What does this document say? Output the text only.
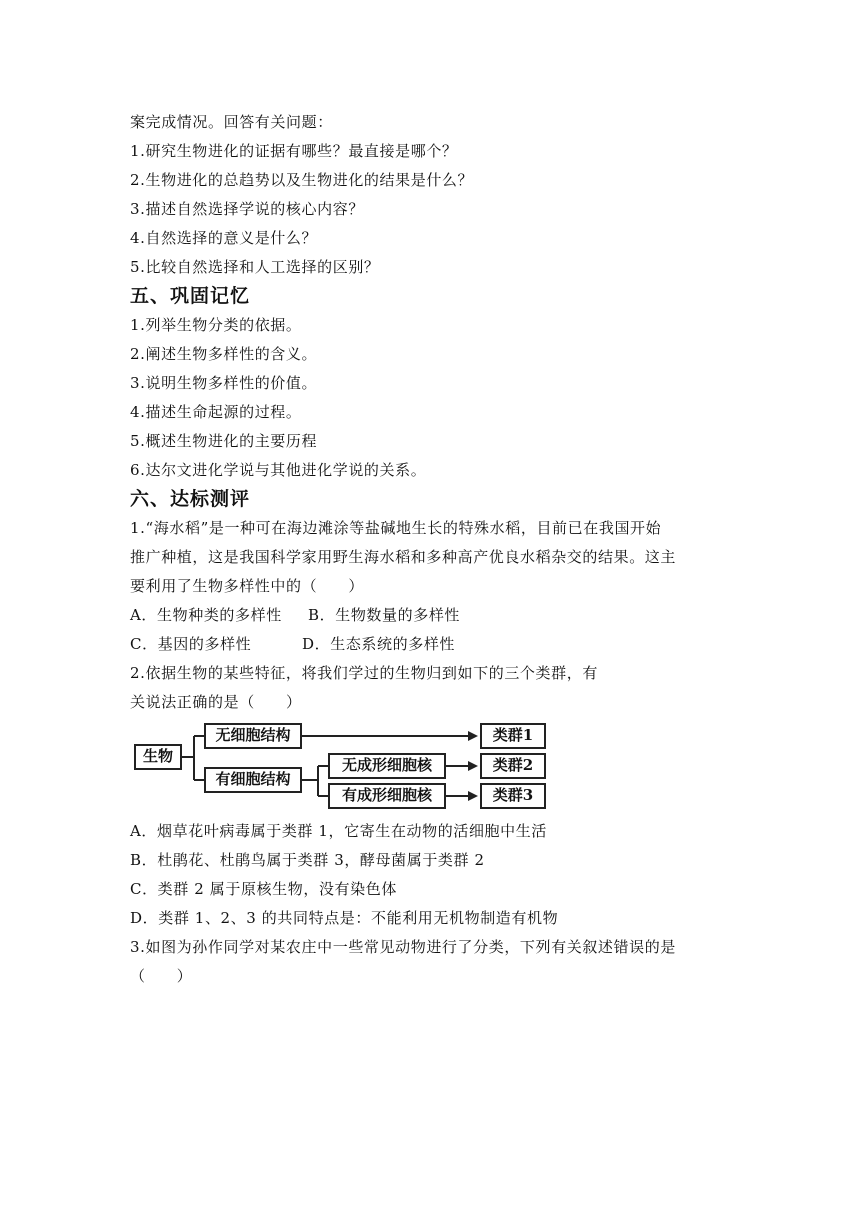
案完成情况。回答有关问题：
1.研究生物进化的证据有哪些？最直接是哪个？
2.生物进化的总趋势以及生物进化的结果是什么？
3.描述自然选择学说的核心内容？
4.自然选择的意义是什么？
5.比较自然选择和人工选择的区别？
五、巩固记忆
1.列举生物分类的依据。
2.阐述生物多样性的含义。
3.说明生物多样性的价值。
4.描述生命起源的过程。
5.概述生物进化的主要历程
6.达尔文进化学说与其他进化学说的关系。
六、达标测评
1.“海水稻”是一种可在海边滩涂等盐碱地生长的特殊水稻，目前已在我国开始
推广种植，这是我国科学家用野生海水稻和多种高产优良水稻杂交的结果。这主
要利用了生物多样性中的（　　）
A．生物种类的多样性 B．生物数量的多样性
C．基因的多样性	D．生态系统的多样性
2.依据生物的某些特征，将我们学过的生物归到如下的三个类群，有
关说法正确的是（　　）
生物
无细胞结构
有细胞结构
无成形细胞核
有成形细胞核
类群1
类群2
类群3
A．烟草花叶病毒属于类群 1，它寄生在动物的活细胞中生活
B．杜鹃花、杜鹃鸟属于类群 3，酵母菌属于类群 2
C．类群 2 属于原核生物，没有染色体
D．类群 1、2、3 的共同特点是：不能利用无机物制造有机物
3.如图为孙作同学对某农庄中一些常见动物进行了分类，下列有关叙述错误的是
（　　）
